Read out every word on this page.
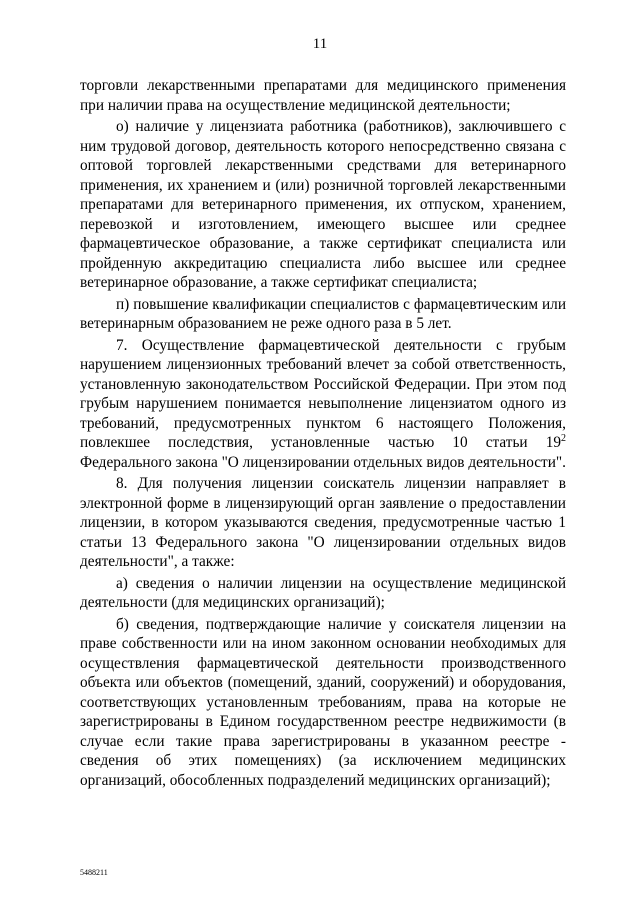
11

торговли лекарственными препаратами для медицинского применения при наличии права на осуществление медицинской деятельности;

о) наличие у лицензиата работника (работников), заключившего с ним трудовой договор, деятельность которого непосредственно связана с оптовой торговлей лекарственными средствами для ветеринарного применения, их хранением и (или) розничной торговлей лекарственными препаратами для ветеринарного применения, их отпуском, хранением, перевозкой и изготовлением, имеющего высшее или среднее фармацевтическое образование, а также сертификат специалиста или пройденную аккредитацию специалиста либо высшее или среднее ветеринарное образование, а также сертификат специалиста;

п) повышение квалификации специалистов с фармацевтическим или ветеринарным образованием не реже одного раза в 5 лет.

7. Осуществление фармацевтической деятельности с грубым нарушением лицензионных требований влечет за собой ответственность, установленную законодательством Российской Федерации. При этом под грубым нарушением понимается невыполнение лицензиатом одного из требований, предусмотренных пунктом 6 настоящего Положения, повлекшее последствия, установленные частью 10 статьи $19^2$ Федерального закона "О лицензировании отдельных видов деятельности".

8. Для получения лицензии соискатель лицензии направляет в электронной форме в лицензирующий орган заявление о предоставлении лицензии, в котором указываются сведения, предусмотренные частью 1 статьи 13 Федерального закона "О лицензировании отдельных видов деятельности", а также:

а) сведения о наличии лицензии на осуществление медицинской деятельности (для медицинских организаций);

б) сведения, подтверждающие наличие у соискателя лицензии на праве собственности или на ином законном основании необходимых для осуществления фармацевтической деятельности производственного объекта или объектов (помещений, зданий, сооружений) и оборудования, соответствующих установленным требованиям, права на которые не зарегистрированы в Едином государственном реестре недвижимости (в случае если такие права зарегистрированы в указанном реестре - сведения об этих помещениях) (за исключением медицинских организаций, обособленных подразделений медицинских организаций);

5488211
